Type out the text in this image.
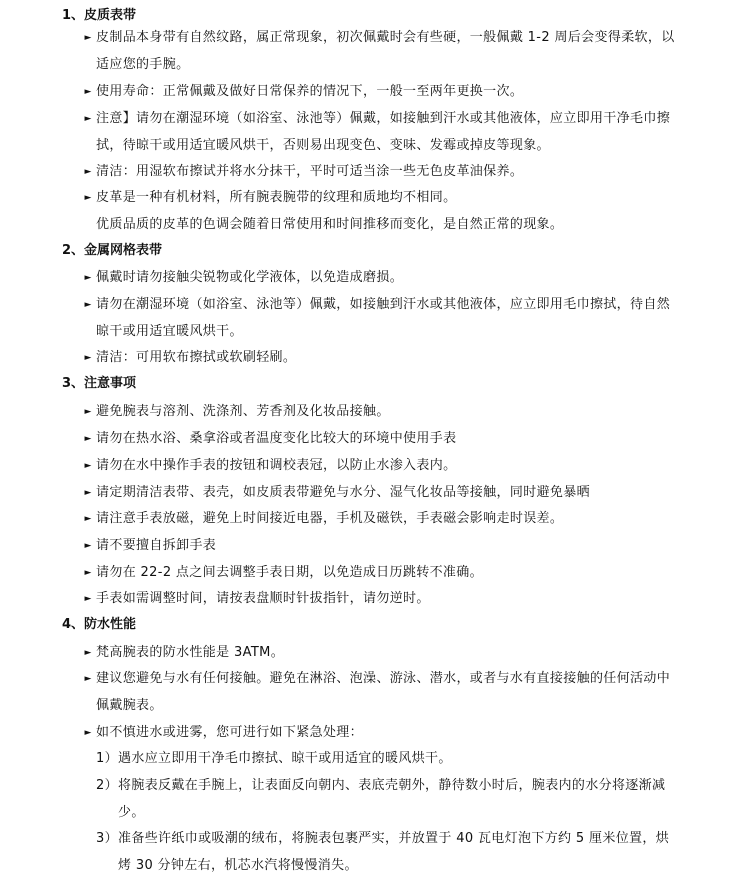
1、皮质表带
► 皮制品本身带有自然纹路，属正常现象，初次佩戴时会有些硬，一般佩戴 1-2 周后会变得柔软，以适应您的手腕。
► 使用寿命：正常佩戴及做好日常保养的情况下，一般一至两年更换一次。
► 注意】请勿在潮湿环境（如浴室、泳池等）佩戴，如接触到汗水或其他液体，应立即用干净毛巾擦拭，待晾干或用适宜暖风烘干，否则易出现变色、变味、发霉或掉皮等现象。
► 清洁：用湿软布擦试并将水分抹干，平时可适当涂一些无色皮革油保养。
► 皮革是一种有机材料，所有腕表腕带的纹理和质地均不相同。
优质品质的皮革的色调会随着日常使用和时间推移而变化，是自然正常的现象。
2、金属网格表带
► 佩戴时请勿接触尖锐物或化学液体，以免造成磨损。
► 请勿在潮湿环境（如浴室、泳池等）佩戴，如接触到汗水或其他液体，应立即用毛巾擦拭，待自然晾干或用适宜暖风烘干。
► 清洁：可用软布擦拭或软刷轻刷。
3、注意事项
► 避免腕表与溶剂、洗涤剂、芳香剂及化妆品接触。
► 请勿在热水浴、桑拿浴或者温度变化比较大的环境中使用手表
► 请勿在水中操作手表的按钮和调校表冠，以防止水渗入表内。
► 请定期清洁表带、表壳，如皮质表带避免与水分、湿气化妆品等接触，同时避免暴晒
► 请注意手表放磁，避免上时间接近电器，手机及磁铁，手表磁会影响走时误差。
► 请不要擅自拆卸手表
► 请勿在 22-2 点之间去调整手表日期，以免造成日历跳转不准确。
► 手表如需调整时间，请按表盘顺时针拔指针，请勿逆时。
4、防水性能
► 梵高腕表的防水性能是 3ATM。
► 建议您避免与水有任何接触。避免在淋浴、泡澡、游泳、潜水，或者与水有直接接触的任何活动中佩戴腕表。
► 如不慎进水或进雾，您可进行如下紧急处理：
1） 遇水应立即用干净毛巾擦拭、晾干或用适宜的暖风烘干。
2） 将腕表反戴在手腕上，让表面反向朝内、表底壳朝外，静待数小时后，腕表内的水分将逐渐减少。
3） 准备些许纸巾或吸潮的绒布，将腕表包裹严实，并放置于 40 瓦电灯泡下方约 5 厘米位置，烘烤 30 分钟左右，机芯水汽将慢慢消失。
